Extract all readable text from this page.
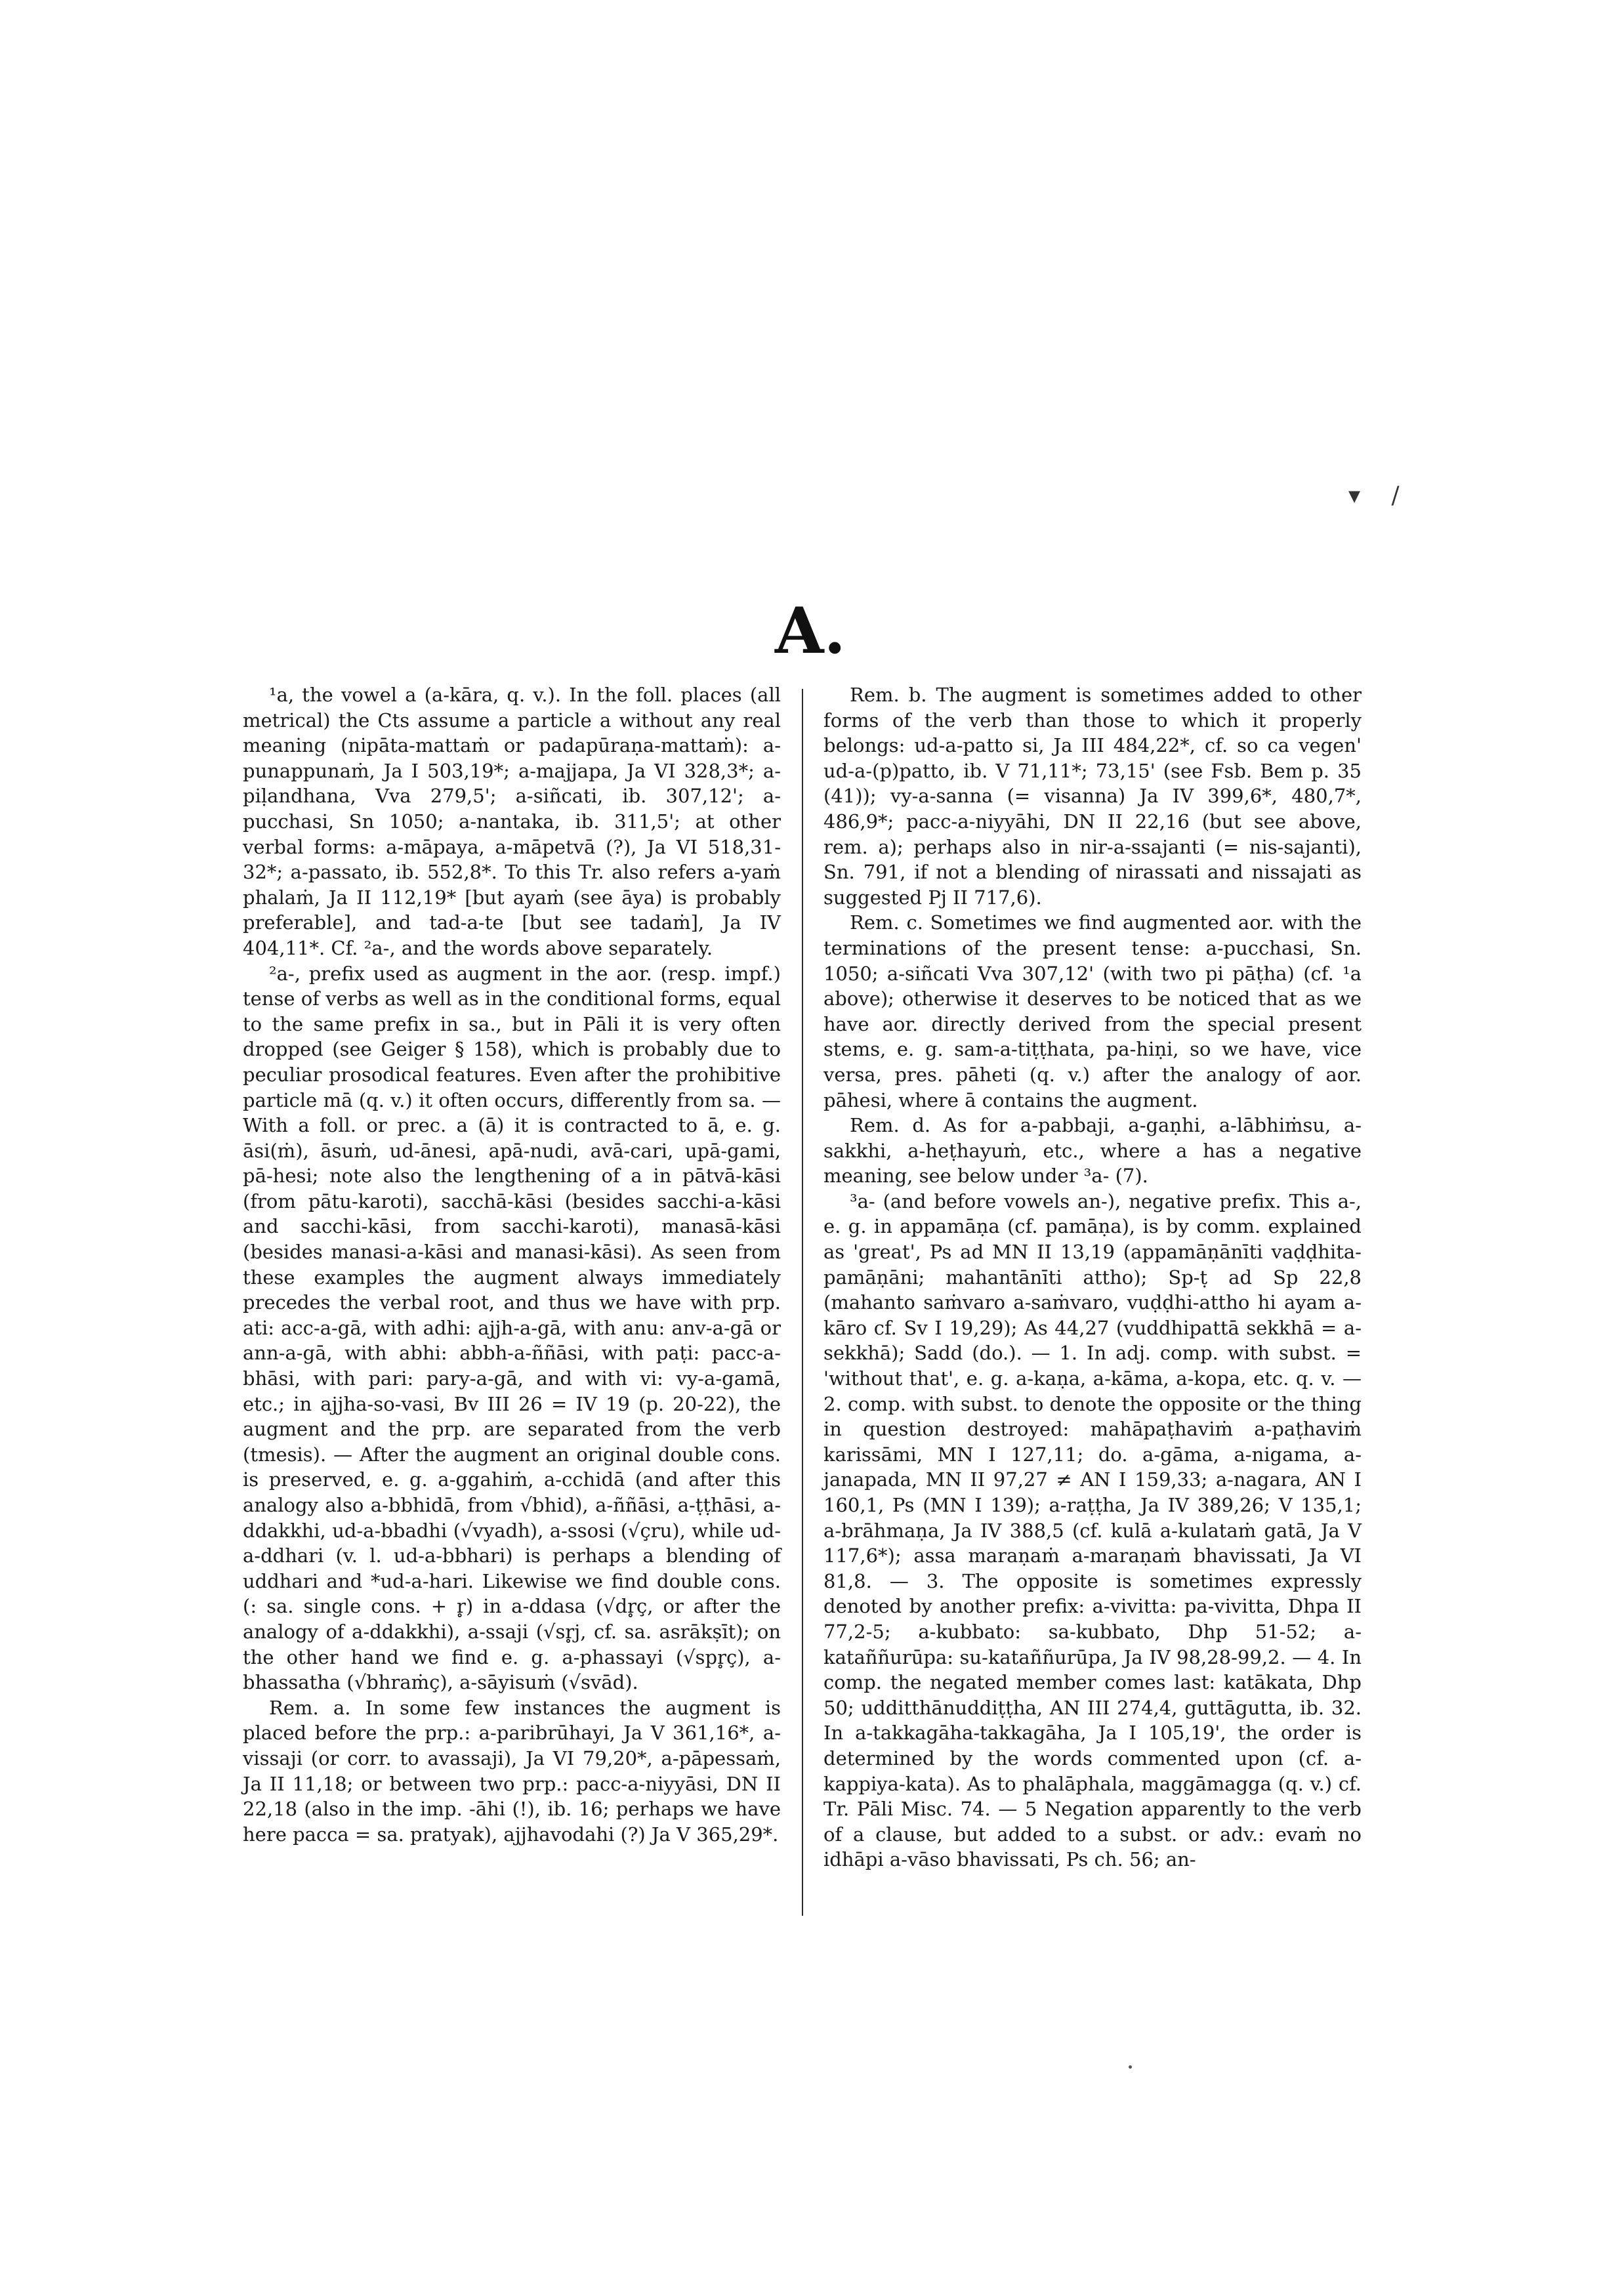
▾ /
A.

¹a, the vowel a (a-kāra, q. v.). In the foll. places (all metrical) the Cts assume a particle a without any real meaning (nipāta-mattaṁ or padapūraṇa-mattaṁ): a-punappunaṁ, Ja I 503,19*; a-majjapa, Ja VI 328,3*; a-piḷandhana, Vva 279,5'; a-siñcati, ib. 307,12'; a-pucchasi, Sn 1050; a-nantaka, ib. 311,5'; at other verbal forms: a-māpaya, a-māpetvā (?), Ja VI 518,31-32*; a-passato, ib. 552,8*. To this Tr. also refers a-yaṁ phalaṁ, Ja II 112,19* [but ayaṁ (see āya) is probably preferable], and tad-a-te [but see tadaṁ], Ja IV 404,11*. Cf. ²a-, and the words above separately.

²a-, prefix used as augment in the aor. (resp. impf.) tense of verbs as well as in the conditional forms, equal to the same prefix in sa., but in Pāli it is very often dropped (see Geiger § 158), which is probably due to peculiar prosodical features. Even after the prohibitive particle mā (q. v.) it often occurs, differently from sa. — With a foll. or prec. a (ā) it is contracted to ā, e. g. āsi(ṁ), āsuṁ, ud-ānesi, apā-nudi, avā-cari, upā-gami, pā-hesi; note also the lengthening of a in pātvā-kāsi (from pātu-karoti), sacchā-kāsi (besides sacchi-a-kāsi and sacchi-kāsi, from sacchi-karoti), manasā-kāsi (besides manasi-a-kāsi and manasi-kāsi). As seen from these examples the augment always immediately precedes the verbal root, and thus we have with prp. ati: acc-a-gā, with adhi: ajjh-a-gā, with anu: anv-a-gā or ann-a-gā, with abhi: abbh-a-ññāsi, with paṭi: pacc-a-bhāsi, with pari: pary-a-gā, and with vi: vy-a-gamā, etc.; in ajjha-so-vasi, Bv III 26 = IV 19 (p. 20-22), the augment and the prp. are separated from the verb (tmesis). — After the augment an original double cons. is preserved, e. g. a-ggahiṁ, a-cchidā (and after this analogy also a-bbhidā, from √bhid), a-ññāsi, a-ṭṭhāsi, a-ddakkhi, ud-a-bbadhi (√vyadh), a-ssosi (√çru), while ud-a-ddhari (v. l. ud-a-bbhari) is perhaps a blending of uddhari and *ud-a-hari. Likewise we find double cons. (: sa. single cons. + r̥) in a-ddasa (√dr̥ç, or after the analogy of a-ddakkhi), a-ssaji (√sr̥j, cf. sa. asrākṣīt); on the other hand we find e. g. a-phassayi (√spr̥ç), a-bhassatha (√bhraṁç), a-sāyisuṁ (√svād).

Rem. a. In some few instances the augment is placed before the prp.: a-paribrūhayi, Ja V 361,16*, a-vissaji (or corr. to avassaji), Ja VI 79,20*, a-pāpessaṁ, Ja II 11,18; or between two prp.: pacc-a-niyyāsi, DN II 22,18 (also in the imp. -āhi (!), ib. 16; perhaps we have here pacca = sa. pratyak), ajjhavodahi (?) Ja V 365,29*.

Rem. b. The augment is sometimes added to other forms of the verb than those to which it properly belongs: ud-a-patto si, Ja III 484,22*, cf. so ca vegen' ud-a-(p)patto, ib. V 71,11*; 73,15' (see Fsb. Bem p. 35 (41)); vy-a-sanna (= visanna) Ja IV 399,6*, 480,7*, 486,9*; pacc-a-niyyāhi, DN II 22,16 (but see above, rem. a); perhaps also in nir-a-ssajanti (= nis-sajanti), Sn. 791, if not a blending of nirassati and nissajati as suggested Pj II 717,6).

Rem. c. Sometimes we find augmented aor. with the terminations of the present tense: a-pucchasi, Sn. 1050; a-siñcati Vva 307,12' (with two pi pāṭha) (cf. ¹a above); otherwise it deserves to be noticed that as we have aor. directly derived from the special present stems, e. g. sam-a-tiṭṭhata, pa-hiṇi, so we have, vice versa, pres. pāheti (q. v.) after the analogy of aor. pāhesi, where ā contains the augment.

Rem. d. As for a-pabbaji, a-gaṇhi, a-lābhiṁsu, a-sakkhi, a-heṭhayuṁ, etc., where a has a negative meaning, see below under ³a- (7).

³a- (and before vowels an-), negative prefix. This a-, e. g. in appamāṇa (cf. pamāṇa), is by comm. explained as 'great', Ps ad MN II 13,19 (appamāṇānīti vaḍḍhita-pamāṇāni; mahantānīti attho); Sp-ṭ ad Sp 22,8 (mahanto saṁvaro a-saṁvaro, vuḍḍhi-attho hi ayam a-kāro cf. Sv I 19,29); As 44,27 (vuddhipattā sekkhā = a-sekkhā); Sadd (do.). — 1. In adj. comp. with subst. = 'without that', e. g. a-kaṇa, a-kāma, a-kopa, etc. q. v. — 2. comp. with subst. to denote the opposite or the thing in question destroyed: mahāpaṭhaviṁ a-paṭhaviṁ karissāmi, MN I 127,11; do. a-gāma, a-nigama, a-janapada, MN II 97,27 ≠ AN I 159,33; a-nagara, AN I 160,1, Ps (MN I 139); a-raṭṭha, Ja IV 389,26; V 135,1; a-brāhmaṇa, Ja IV 388,5 (cf. kulā a-kulataṁ gatā, Ja V 117,6*); assa maraṇaṁ a-maraṇaṁ bhavissati, Ja VI 81,8. — 3. The opposite is sometimes expressly denoted by another prefix: a-vivitta: pa-vivitta, Dhpa II 77,2-5; a-kubbato: sa-kubbato, Dhp 51-52; a-kataññurūpa: su-kataññurūpa, Ja IV 98,28-99,2. — 4. In comp. the negated member comes last: katākata, Dhp 50; udditthānuddiṭṭha, AN III 274,4, guttāgutta, ib. 32. In a-takkagāha-takkagāha, Ja I 105,19', the order is determined by the words commented upon (cf. a-kappiya-kata). As to phalāphala, maggāmagga (q. v.) cf. Tr. Pāli Misc. 74. — 5 Negation apparently to the verb of a clause, but added to a subst. or adv.: evaṁ no idhāpi a-vāso bhavissati, Ps ch. 56; an-
